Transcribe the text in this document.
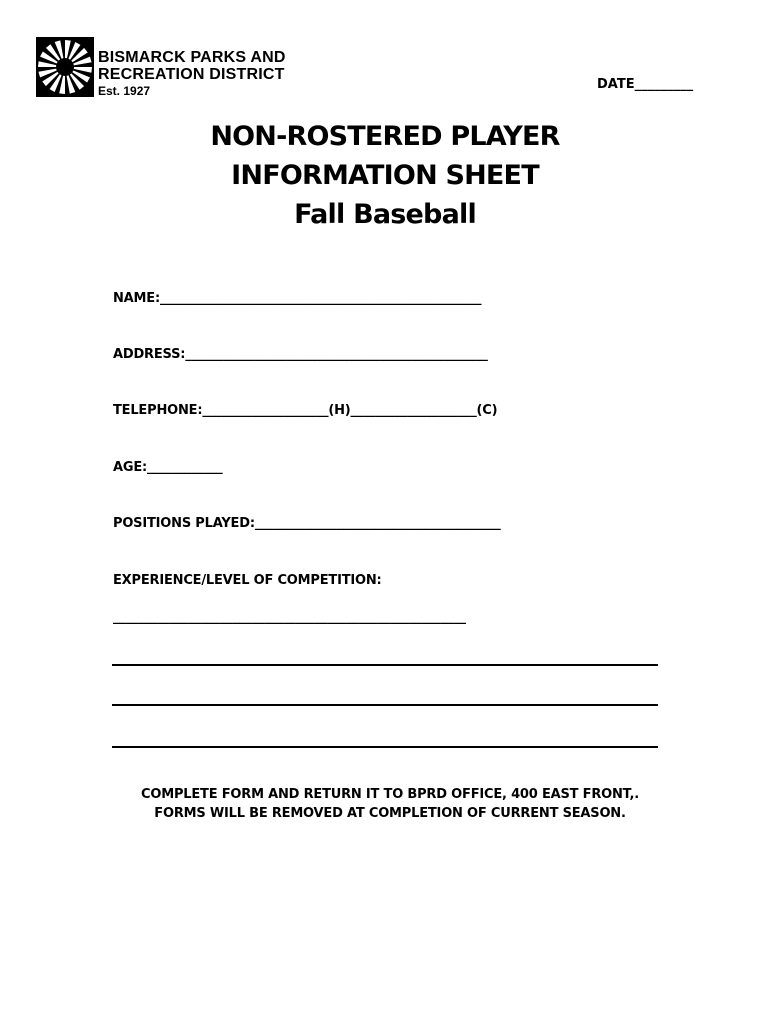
BISMARCK PARKS AND
RECREATION DISTRICT
Est. 1927	DATE_________
NON-ROSTERED PLAYER
INFORMATION SHEET
Fall Baseball
NAME:___________________________________________________
ADDRESS:________________________________________________
TELEPHONE:____________________(H)____________________(C)
AGE:____________
POSITIONS PLAYED:_______________________________________
EXPERIENCE/LEVEL OF COMPETITION:
________________________________________________________
COMPLETE FORM AND RETURN IT TO BPRD OFFICE, 400 EAST FRONT,.
FORMS WILL BE REMOVED AT COMPLETION OF CURRENT SEASON.
